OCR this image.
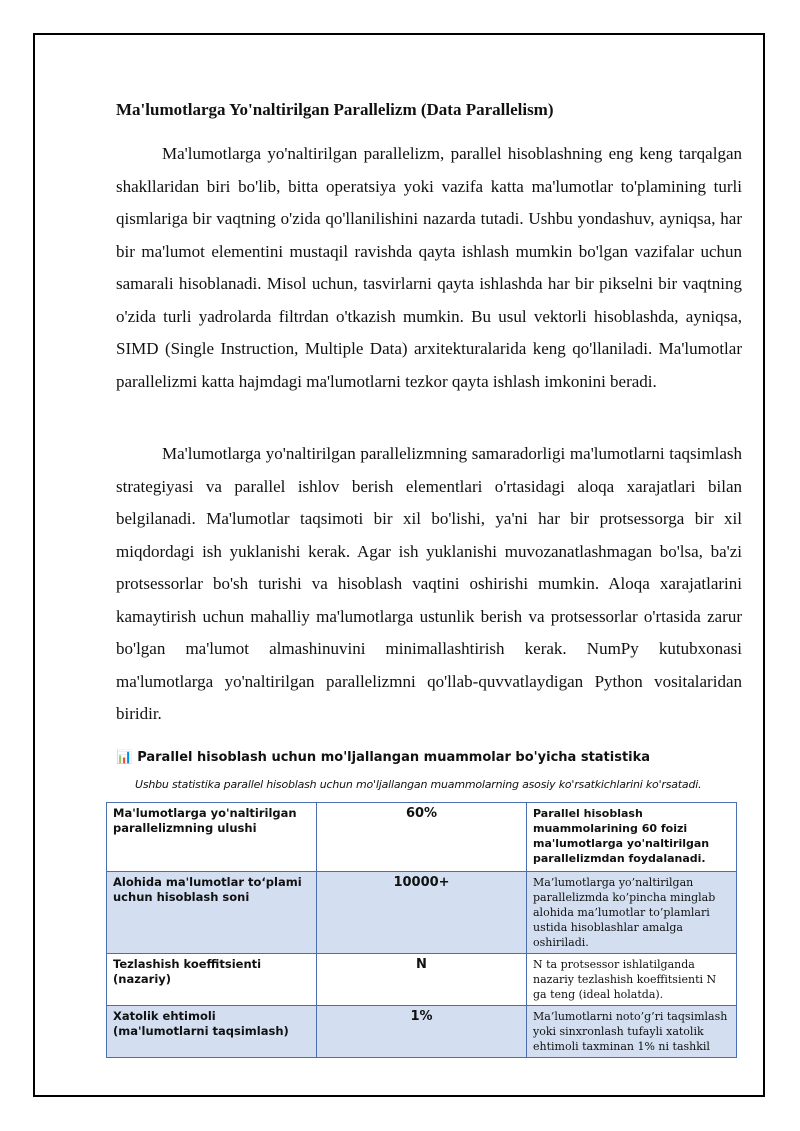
Ma'lumotlarga Yo'naltirilgan Parallelizm (Data Parallelism)

Ma'lumotlarga yo'naltirilgan parallelizm, parallel hisoblashning eng keng tarqalgan shakllaridan biri bo'lib, bitta operatsiya yoki vazifa katta ma'lumotlar to'plamining turli qismlariga bir vaqtning o'zida qo'llanilishini nazarda tutadi. Ushbu yondashuv, ayniqsa, har bir ma'lumot elementini mustaqil ravishda qayta ishlash mumkin bo'lgan vazifalar uchun samarali hisoblanadi. Misol uchun, tasvirlarni qayta ishlashda har bir pikselni bir vaqtning o'zida turli yadrolarda filtrdan o'tkazish mumkin. Bu usul vektorli hisoblashda, ayniqsa, SIMD (Single Instruction, Multiple Data) arxitekturalarida keng qo'llaniladi. Ma'lumotlar parallelizmi katta hajmdagi ma'lumotlarni tezkor qayta ishlash imkonini beradi.

Ma'lumotlarga yo'naltirilgan parallelizmning samaradorligi ma'lumotlarni taqsimlash strategiyasi va parallel ishlov berish elementlari o'rtasidagi aloqa xarajatlari bilan belgilanadi. Ma'lumotlar taqsimoti bir xil bo'lishi, ya'ni har bir protsessorga bir xil miqdordagi ish yuklanishi kerak. Agar ish yuklanishi muvozanatlashmagan bo'lsa, ba'zi protsessorlar bo'sh turishi va hisoblash vaqtini oshirishi mumkin. Aloqa xarajatlarini kamaytirish uchun mahalliy ma'lumotlarga ustunlik berish va protsessorlar o'rtasida zarur bo'lgan ma'lumot almashinuvini minimallashtirish kerak. NumPy kutubxonasi ma'lumotlarga yo'naltirilgan parallelizmni qo'llab-quvvatlaydigan Python vositalaridan biridir.

📊 Parallel hisoblash uchun mo'ljallangan muammolar bo'yicha statistika
Ushbu statistika parallel hisoblash uchun mo'ljallangan muammolarning asosiy ko'rsatkichlarini ko'rsatadi.
Ma'lumotlarga yo'naltirilgan parallelizmning ulushi	60%	Parallel hisoblash muammolarining 60 foizi ma'lumotlarga yo'naltirilgan parallelizmdan foydalanadi.
Alohida ma'lumotlar to‘plami uchun hisoblash soni	10000+	Ma’lumotlarga yo’naltirilgan parallelizmda ko’pincha minglab alohida ma’lumotlar to’plamlari ustida hisoblashlar amalga oshiriladi.
Tezlashish koeffitsienti (nazariy)	N	N ta protsessor ishlatilganda nazariy tezlashish koeffitsienti N ga teng (ideal holatda).
Xatolik ehtimoli (ma'lumotlarni taqsimlash)	1%	Ma’lumotlarni noto’g’ri taqsimlash yoki sinxronlash tufayli xatolik ehtimoli taxminan 1% ni tashkil
